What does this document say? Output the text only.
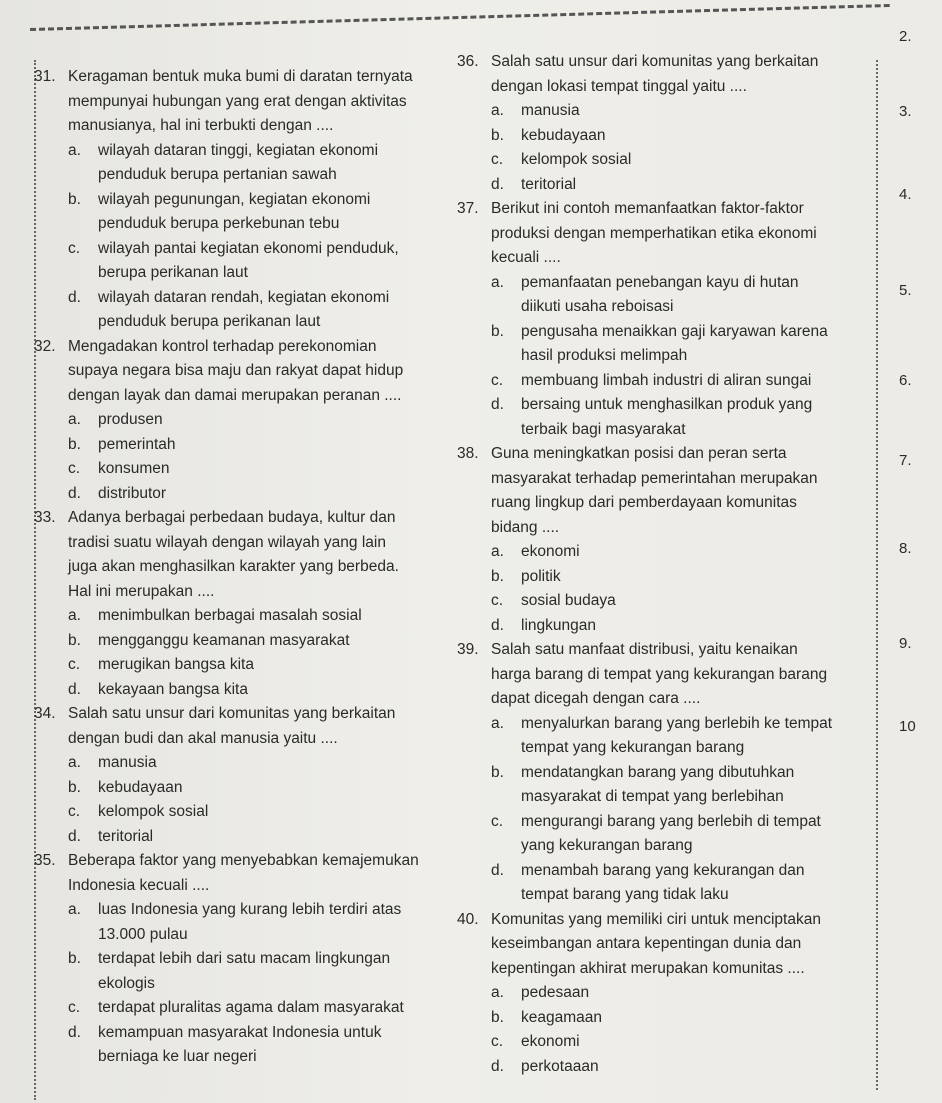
31. Keragaman bentuk muka bumi di daratan ternyata
mempunyai hubungan yang erat dengan aktivitas
manusianya, hal ini terbukti dengan ....
a.	wilayah dataran tinggi, kegiatan ekonomi
penduduk berupa pertanian sawah
b.	wilayah pegunungan, kegiatan ekonomi
penduduk berupa perkebunan tebu
c.	wilayah pantai kegiatan ekonomi penduduk,
berupa perikanan laut
d.	wilayah dataran rendah, kegiatan ekonomi
penduduk berupa perikanan laut
32. Mengadakan kontrol terhadap perekonomian
supaya negara bisa maju dan rakyat dapat hidup
dengan layak dan damai merupakan peranan ....
a.	produsen
b.	pemerintah
c.	konsumen
d.	distributor
33. Adanya berbagai perbedaan budaya, kultur dan
tradisi suatu wilayah dengan wilayah yang lain
juga akan menghasilkan karakter yang berbeda.
Hal ini merupakan ....
a.	menimbulkan berbagai masalah sosial
b.	mengganggu keamanan masyarakat
c.	merugikan bangsa kita
d.	kekayaan bangsa kita
34. Salah satu unsur dari komunitas yang berkaitan
dengan budi dan akal manusia yaitu ....
a.	manusia
b.	kebudayaan
c.	kelompok sosial
d.	teritorial
35. Beberapa faktor yang menyebabkan kemajemukan
Indonesia kecuali ....
a.	luas Indonesia yang kurang lebih terdiri atas
13.000 pulau
b.	terdapat lebih dari satu macam lingkungan
ekologis
c.	terdapat pluralitas agama dalam masyarakat
d.	kemampuan masyarakat Indonesia untuk
berniaga ke luar negeri
36. Salah satu unsur dari komunitas yang berkaitan
dengan lokasi tempat tinggal yaitu ....
a.	manusia
b.	kebudayaan
c.	kelompok sosial
d.	teritorial
37. Berikut ini contoh memanfaatkan faktor-faktor
produksi dengan memperhatikan etika ekonomi
kecuali ....
a.	pemanfaatan penebangan kayu di hutan
diikuti usaha reboisasi
b.	pengusaha menaikkan gaji karyawan karena
hasil produksi melimpah
c.	membuang limbah industri di aliran sungai
d.	bersaing untuk menghasilkan produk yang
terbaik bagi masyarakat
38. Guna meningkatkan posisi dan peran serta
masyarakat terhadap pemerintahan merupakan
ruang lingkup dari pemberdayaan komunitas
bidang ....
a.	ekonomi
b.	politik
c.	sosial budaya
d.	lingkungan
39. Salah satu manfaat distribusi, yaitu kenaikan
harga barang di tempat yang kekurangan barang
dapat dicegah dengan cara ....
a.	menyalurkan barang yang berlebih ke tempat
tempat yang kekurangan barang
b.	mendatangkan barang yang dibutuhkan
masyarakat di tempat yang berlebihan
c.	mengurangi barang yang berlebih di tempat
yang kekurangan barang
d.	menambah barang yang kekurangan dan
tempat barang yang tidak laku
40. Komunitas yang memiliki ciri untuk menciptakan
keseimbangan antara kepentingan dunia dan
kepentingan akhirat merupakan komunitas ....
a.	pedesaan
b.	keagamaan
c.	ekonomi
d.	perkotaaan
2.
3.
4.
5.
6.
7.
8.
9.
10
